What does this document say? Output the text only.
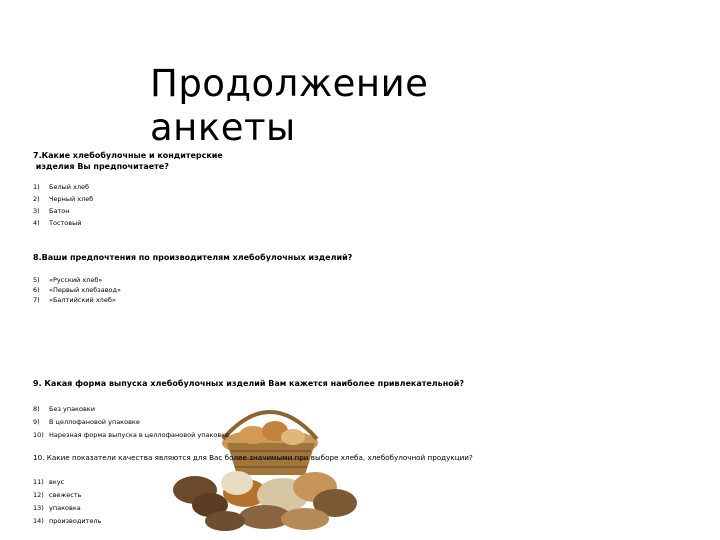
Продолжение
анкеты
7.Какие хлебобулочные и кондитерские
изделия Вы предпочитаете?
1) Белый хлеб
2) Черный хлеб
3) Батон
4) Тостовый
8.Ваши предпочтения по производителям хлебобулочных изделий?
5) «Русский хлеб»
6) «Первый хлебзавод»
7) «Балтийский хлеб»
9. Какая форма выпуска хлебобулочных изделий Вам кажется наиболее привлекательной?
8) Без упаковки
9) В целлофановой упаковке
10) Нарезная форма выпуска в целлофановой упаковке
10. Какие показатели качества являются для Вас более значимыми при выборе хлеба, хлебобулочной продукции?
11) вкус
12) свежесть
13) упаковка
14) производитель
